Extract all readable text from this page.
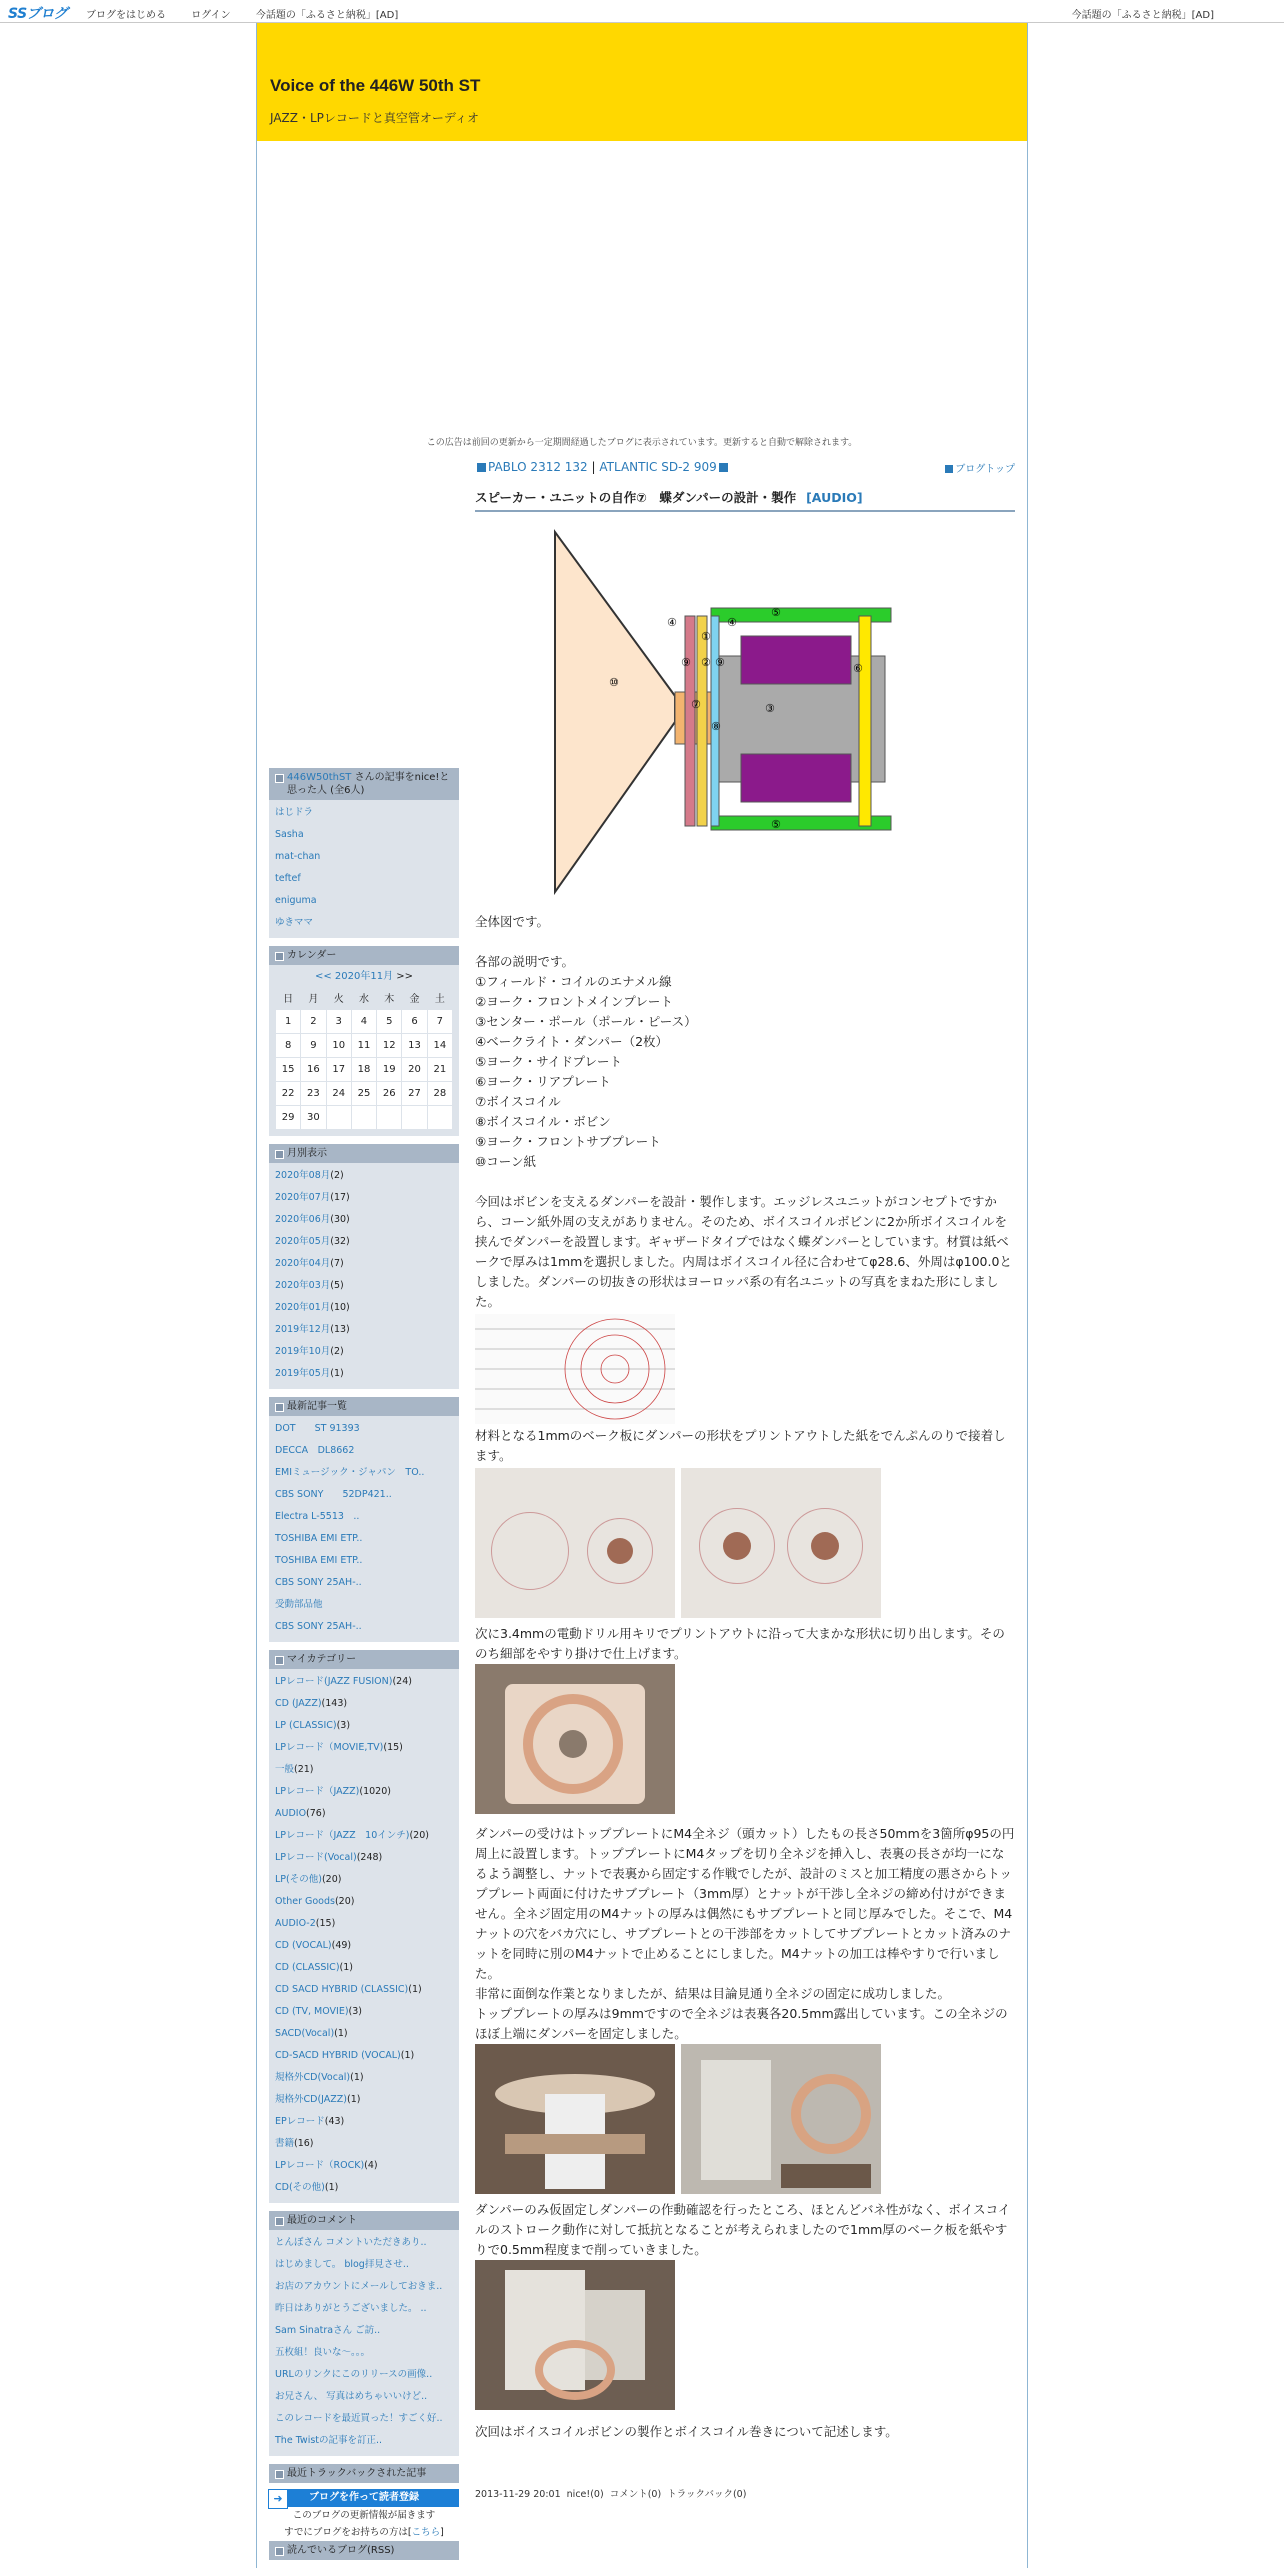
SSブログ	ブログをはじめる	ログイン	今話題の「ふるさと納税」[AD]	今話題の「ふるさと納税」[AD]
Voice of the 446W 50th ST
JAZZ・LPレコードと真空管オーディオ
この広告は前回の更新から一定期間経過したブログに表示されています。更新すると自動で解除されます。
446W50thST さんの記事をnice!と思った人 (全6人)
はじドラ
Sasha
mat-chan
teftef
enigumа
ゆきママ
カレンダー
<< 2020年11月 >>
日	月	火	水	木	金	土
1	2	3	4	5	6	7
8	9	10	11	12	13	14
15	16	17	18	19	20	21
22	23	24	25	26	27	28
29	30					
月別表示
2020年08月(2)
2020年07月(17)
2020年06月(30)
2020年05月(32)
2020年04月(7)
2020年03月(5)
2020年01月(10)
2019年12月(13)
2019年10月(2)
2019年05月(1)
最新記事一覧
DOT　　ST 91393
DECCA　DL8662
EMIミュージック・ジャパン　TO..
CBS SONY　　52DP421..
Electra L-5513　..
TOSHIBA EMI ETP..
TOSHIBA EMI ETP..
CBS SONY 25AH-..
受動部品他
CBS SONY 25AH-..
マイカテゴリー
LPレコード(JAZZ FUSION)(24)
CD (JAZZ)(143)
LP (CLASSIC)(3)
LPレコード（MOVIE,TV)(15)
一般(21)
LPレコード（JAZZ)(1020)
AUDIO(76)
LPレコード（JAZZ　10インチ)(20)
LPレコード(Vocal)(248)
LP(その他)(20)
Other Goods(20)
AUDIO-2(15)
CD (VOCAL)(49)
CD (CLASSIC)(1)
CD SACD HYBRID (CLASSIC)(1)
CD (TV, MOVIE)(3)
SACD(Vocal)(1)
CD-SACD HYBRID (VOCAL)(1)
規格外CD(Vocal)(1)
規格外CD(JAZZ)(1)
EPレコード(43)
書籍(16)
LPレコード（ROCK)(4)
CD(その他)(1)
最近のコメント
とんぼさん コメントいただきあり..
はじめまして。 blog拝見させ..
お店のアカウントにメールしておきま..
昨日はありがとうございました。 ..
Sam Sinatraさん ご訪..
五枚組！良いな～。。。
URLのリンクにこのリリースの画像..
お兄さん、 写真はめちゃいいけど..
このレコードを最近買った！すごく好..
The Twistの記事を訂正..
最近トラックバックされた記事
➜ ブログを作って読者登録
このブログの更新情報が届きます
すでにブログをお持ちの方は[こちら]
読んでいるブログ(RSS)
PABLO 2312 132 | ATLANTIC SD-2 909	ブログトップ
スピーカー・ユニットの自作⑦　蝶ダンパーの設計・製作 [AUDIO]
①
②
③
④	④
⑤
⑤
⑥
⑦
⑧
⑨ ⑨
⑩

全体図です。

各部の説明です。

①フィールド・コイルのエナメル線

②ヨーク・フロントメインプレート

③センター・ポール（ポール・ピース）

④ベークライト・ダンパー（2枚）

⑤ヨーク・サイドプレート

⑥ヨーク・リアプレート

⑦ボイスコイル

⑧ボイスコイル・ボビン

⑨ヨーク・フロントサブプレート

⑩コーン紙

今回はボビンを支えるダンパーを設計・製作します。エッジレスユニットがコンセプトですから、コーン紙外周の支えがありません。そのため、ボイスコイルボビンに2か所ボイスコイルを挟んでダンパーを設置します。ギャザードタイプではなく蝶ダンパーとしています。材質は紙ベークで厚みは1mmを選択しました。内周はボイスコイル径に合わせてφ28.6、外周はφ100.0としました。ダンパーの切抜きの形状はヨーロッパ系の有名ユニットの写真をまねた形にしました。

材料となる1mmのベーク板にダンパーの形状をプリントアウトした紙をでんぷんのりで接着します。

次に3.4mmの電動ドリル用キリでプリントアウトに沿って大まかな形状に切り出します。そののち細部をやすり掛けで仕上げます。

ダンパーの受けはトッププレートにM4全ネジ（頭カット）したもの長さ50mmを3箇所φ95の円周上に設置します。トッププレートにM4タップを切り全ネジを挿入し、表裏の長さが均一になるよう調整し、ナットで表裏から固定する作戦でしたが、設計のミスと加工精度の悪さからトッププレート両面に付けたサブプレート（3mm厚）とナットが干渉し全ネジの締め付けができません。全ネジ固定用のM4ナットの厚みは偶然にもサブプレートと同じ厚みでした。そこで、M4ナットの穴をバカ穴にし、サブプレートとの干渉部をカットしてサブプレートとカット済みのナットを同時に別のM4ナットで止めることにしました。M4ナットの加工は棒やすりで行いました。

非常に面倒な作業となりましたが、結果は目論見通り全ネジの固定に成功しました。

トッププレートの厚みは9mmですので全ネジは表裏各20.5mm露出しています。この全ネジのほぼ上端にダンパーを固定しました。

ダンパーのみ仮固定しダンパーの作動確認を行ったところ、ほとんどバネ性がなく、ボイスコイルのストローク動作に対して抵抗となることが考えられましたので1mm厚のベーク板を紙やすりで0.5mm程度まで削っていきました。

次回はボイスコイルボビンの製作とボイスコイル巻きについて記述します。

2013-11-29 20:01 nice!(0) コメント(0) トラックバック(0)
